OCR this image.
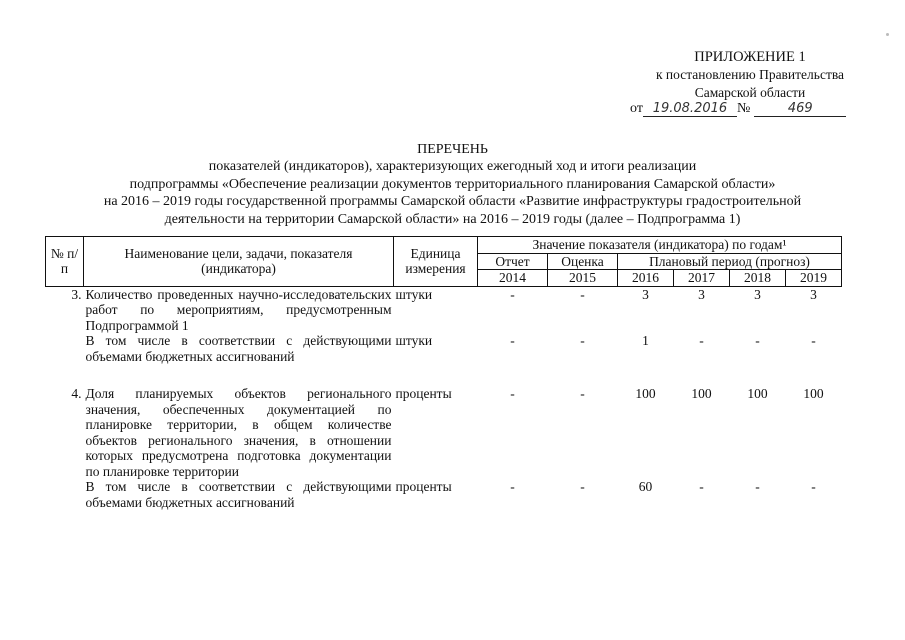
ПРИЛОЖЕНИЕ 1
к постановлению Правительства
Самарской области
от 19.08.2016 №	469
ПЕРЕЧЕНЬ
показателей (индикаторов), характеризующих ежегодный ход и итоги реализации
подпрограммы «Обеспечение реализации документов территориального планирования Самарской области»
на 2016 – 2019 годы государственной программы Самарской области «Развитие инфраструктуры градостроительной
деятельности на территории Самарской области» на 2016 – 2019 годы (далее – Подпрограмма 1)
№ п/п	Наименование цели, задачи, показателя (индикатора)	Единица измерения	Значение показателя (индикатора) по годам¹					
			Отчет	Оценка	Плановый период (прогноз)			
			2014	2015	2016	2017	2018	2019
3.	Количество проведенных научно-исследовательских работ по мероприятиям, предусмотренным Подпрограммой 1	штуки	-	-	3	3	3	3
	В том числе в соответствии с действующими объемами бюджетных ассигнований	штуки	-	-	1	-	-	-

4.	Доля планируемых объектов регионального значения, обеспеченных документацией по планировке территории, в общем количестве объектов регионального значения, в отношении которых предусмотрена подготовка документации по планировке территории	проценты	-	-	100	100	100	100
	В том числе в соответствии с действующими объемами бюджетных ассигнований	проценты	-	-	60	-	-	-
